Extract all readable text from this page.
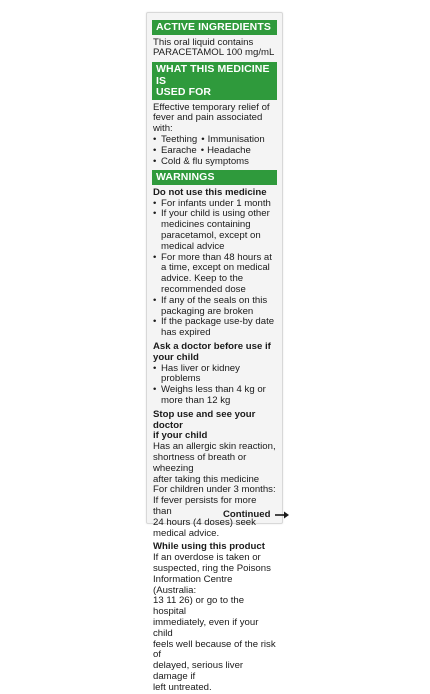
ACTIVE INGREDIENTS
This oral liquid contains
PARACETAMOL 100 mg/mL
WHAT THIS MEDICINE IS
USED FOR
Effective temporary relief of
fever and pain associated with:
• Teething • Immunisation
• Earache • Headache
• Cold & flu symptoms
WARNINGS
Do not use this medicine
• For infants under 1 month
• If your child is using other
medicines containing
paracetamol, except on
medical advice
• For more than 48 hours at
a time, except on medical
advice. Keep to the
recommended dose
• If any of the seals on this
packaging are broken
• If the package use-by date
has expired
Ask a doctor before use if
your child
• Has liver or kidney problems
• Weighs less than 4 kg or
more than 12 kg
Stop use and see your doctor
if your child
Has an allergic skin reaction,
shortness of breath or wheezing
after taking this medicine
For children under 3 months:
If fever persists for more than
24 hours (4 doses) seek
medical advice.
While using this product
If an overdose is taken or
suspected, ring the Poisons
Information Centre (Australia:
13 11 26) or go to the hospital
immediately, even if your child
feels well because of the risk of
delayed, serious liver damage if
left untreated.
Continued
